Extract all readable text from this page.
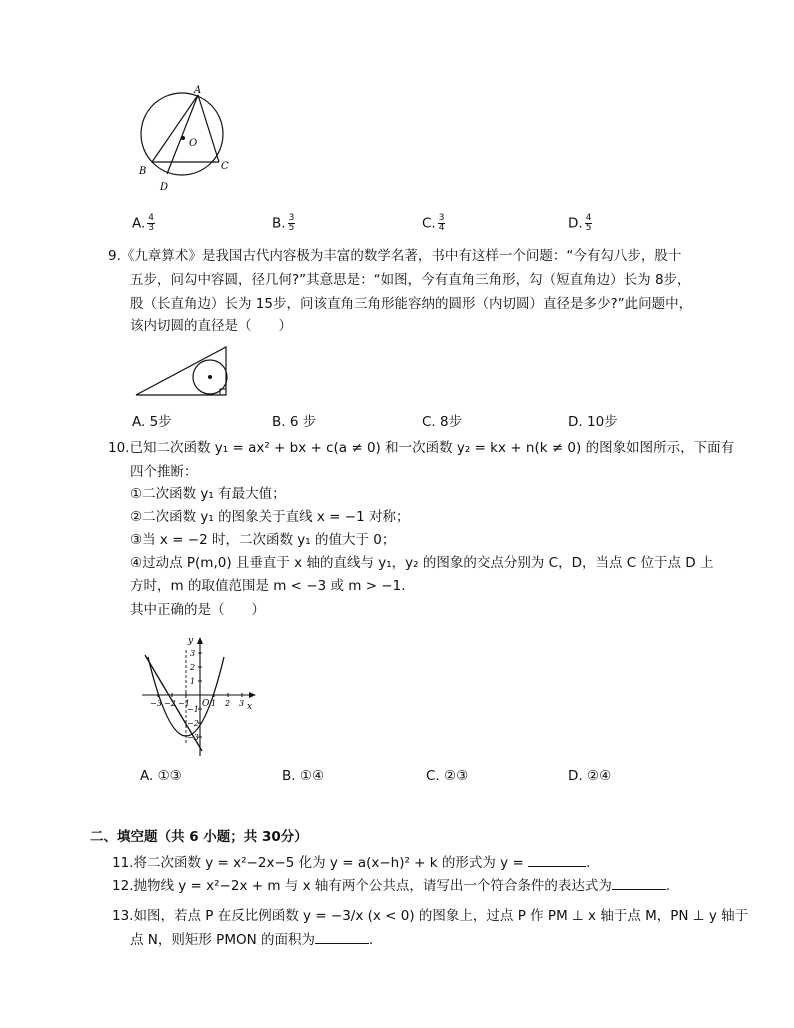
A
O
B	C
D
A. $\frac{4}{3}$	B. $\frac{3}{5}$	C. $\frac{3}{4}$	D. $\frac{4}{5}$
9.《九章算术》是我国古代内容极为丰富的数学名著，书中有这样一个问题：“今有勾八步，股十
五步，问勾中容圆，径几何?”其意思是：“如图，今有直角三角形，勾（短直角边）长为 8步，
股（长直角边）长为 15步，问该直角三角形能容纳的圆形（内切圆）直径是多少?”此问题中，
该内切圆的直径是（　　）
A. 5步	B. 6 步	C. 8步	D. 10步
10.已知二次函数 y₁ = ax² + bx + c(a ≠ 0) 和一次函数 y₂ = kx + n(k ≠ 0) 的图象如图所示，下面有
四个推断：
①二次函数 y₁ 有最大值；
②二次函数 y₁ 的图象关于直线 x = −1 对称；
③当 x = −2 时，二次函数 y₁ 的值大于 0；
④过动点 P(m,0) 且垂直于 x 轴的直线与 y₁，y₂ 的图象的交点分别为 C，D，当点 C 位于点 D 上
方时，m 的取值范围是 m < −3 或 m > −1.
其中正确的是（　　）
x
y
O
−3 −2 −1	1 2 3
3
2
1
−1
−2
−3
A. ①③	B. ①④	C. ②③	D. ②④
二、填空题（共 6 小题；共 30分）
11.将二次函数 y = x²−2x−5 化为 y = a(x−h)² + k 的形式为 y =	.
12.抛物线 y = x²−2x + m 与 x 轴有两个公共点，请写出一个符合条件的表达式为	.
13.如图，若点 P 在反比例函数 y = −3/x (x < 0) 的图象上，过点 P 作 PM ⊥ x 轴于点 M，PN ⊥ y 轴于
点 N，则矩形 PMON 的面积为	.
